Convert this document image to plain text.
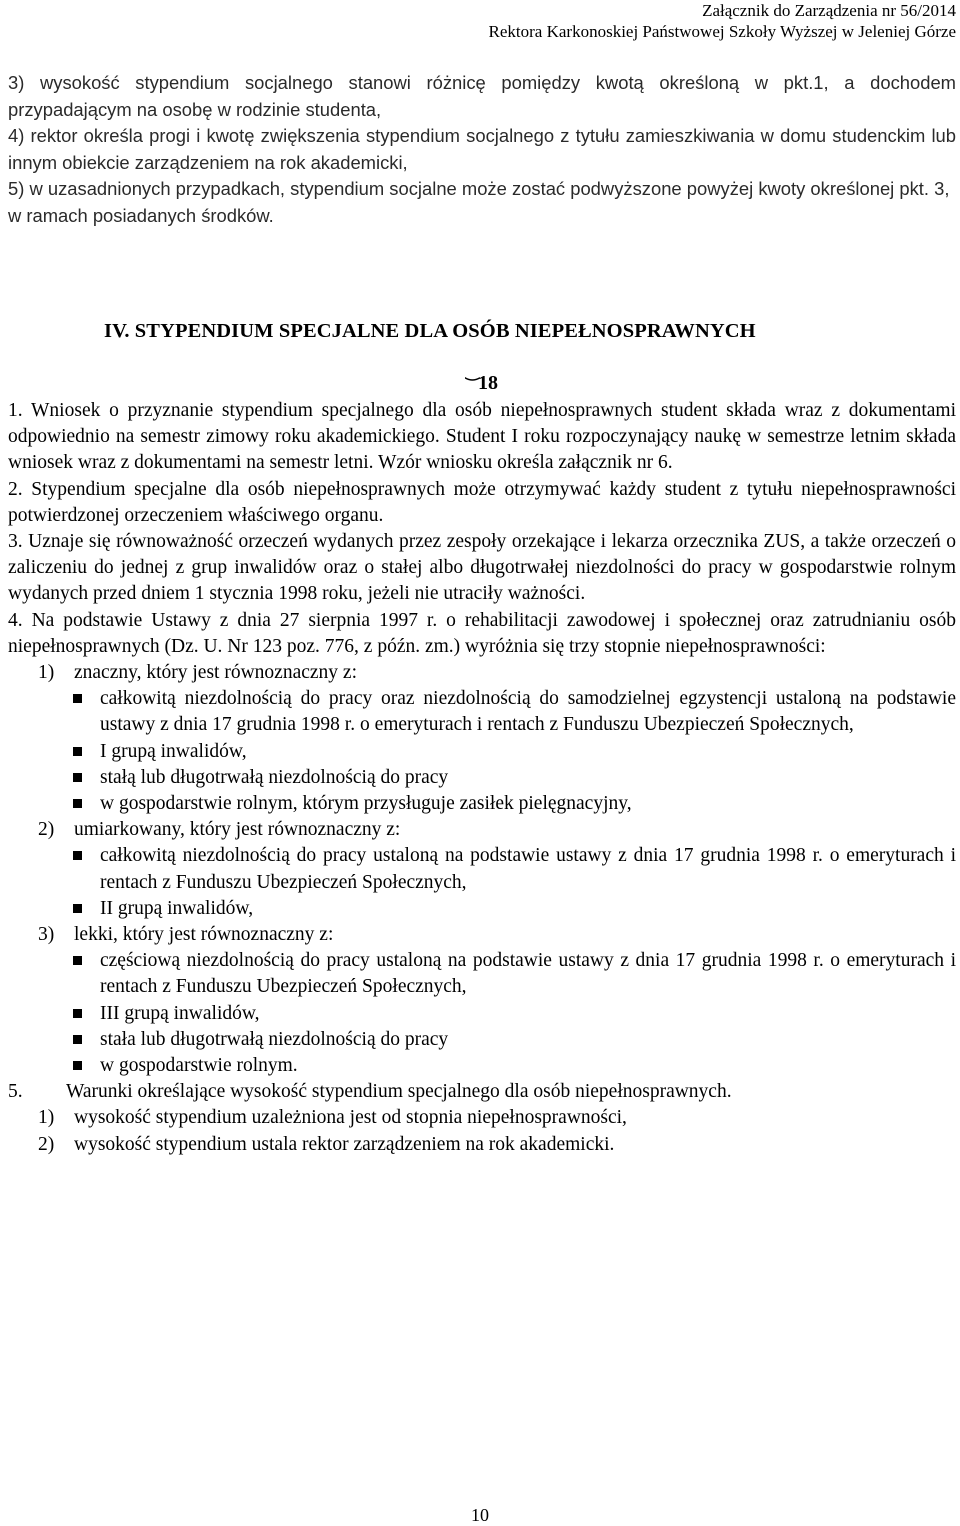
Załącznik do Zarządzenia nr 56/2014
Rektora Karkonoskiej Państwowej Szkoły Wyższej w Jeleniej Górze

3) wysokość stypendium socjalnego stanowi różnicę pomiędzy kwotą określoną w pkt.1, a dochodem przypadającym na osobę w rodzinie studenta,

4) rektor określa progi i kwotę zwiększenia stypendium socjalnego z tytułu zamieszkiwania w domu studenckim lub innym obiekcie zarządzeniem na rok akademicki,

5) w uzasadnionych przypadkach, stypendium socjalne może zostać podwyższone powyżej kwoty określonej pkt. 3, w ramach posiadanych środków.

IV. STYPENDIUM SPECJALNE DLA OSÓB NIEPEŁNOSPRAWNYCH
‿ 18

1. Wniosek o przyznanie stypendium specjalnego dla osób niepełnosprawnych student składa wraz z dokumentami odpowiednio na semestr zimowy roku akademickiego. Student I roku rozpoczynający naukę w semestrze letnim składa wniosek wraz z dokumentami na semestr letni. Wzór wniosku określa załącznik nr 6.

2. Stypendium specjalne dla osób niepełnosprawnych może otrzymywać każdy student z tytułu niepełnosprawności potwierdzonej orzeczeniem właściwego organu.

3. Uznaje się równoważność orzeczeń wydanych przez zespoły orzekające i lekarza orzecznika ZUS, a także orzeczeń o zaliczeniu do jednej z grup inwalidów oraz o stałej albo długotrwałej niezdolności do pracy w gospodarstwie rolnym wydanych przed dniem 1 stycznia 1998 roku, jeżeli nie utraciły ważności.

4. Na podstawie Ustawy z dnia 27 sierpnia 1997 r. o rehabilitacji zawodowej i społecznej oraz zatrudnianiu osób niepełnosprawnych (Dz. U. Nr 123 poz. 776, z późn. zm.) wyróżnia się trzy stopnie niepełnosprawności:

1) znaczny, który jest równoznaczny z:
całkowitą niezdolnością do pracy oraz niezdolnością do samodzielnej egzystencji ustaloną na podstawie ustawy z dnia 17 grudnia 1998 r. o emeryturach i rentach z Funduszu Ubezpieczeń Społecznych,
I grupą inwalidów,
stałą lub długotrwałą niezdolnością do pracy
w gospodarstwie rolnym, którym przysługuje zasiłek pielęgnacyjny,
2) umiarkowany, który jest równoznaczny z:
całkowitą niezdolnością do pracy ustaloną na podstawie ustawy z dnia 17 grudnia 1998 r. o emeryturach i rentach z Funduszu Ubezpieczeń Społecznych,
II grupą inwalidów,
3) lekki, który jest równoznaczny z:
częściową niezdolnością do pracy ustaloną na podstawie ustawy z dnia 17 grudnia 1998 r. o emeryturach i rentach z Funduszu Ubezpieczeń Społecznych,
III grupą inwalidów,
stała lub długotrwałą niezdolnością do pracy
w gospodarstwie rolnym.
5. Warunki określające wysokość stypendium specjalnego dla osób niepełnosprawnych.
1) wysokość stypendium uzależniona jest od stopnia niepełnosprawności,
2) wysokość stypendium ustala rektor zarządzeniem na rok akademicki.
10
